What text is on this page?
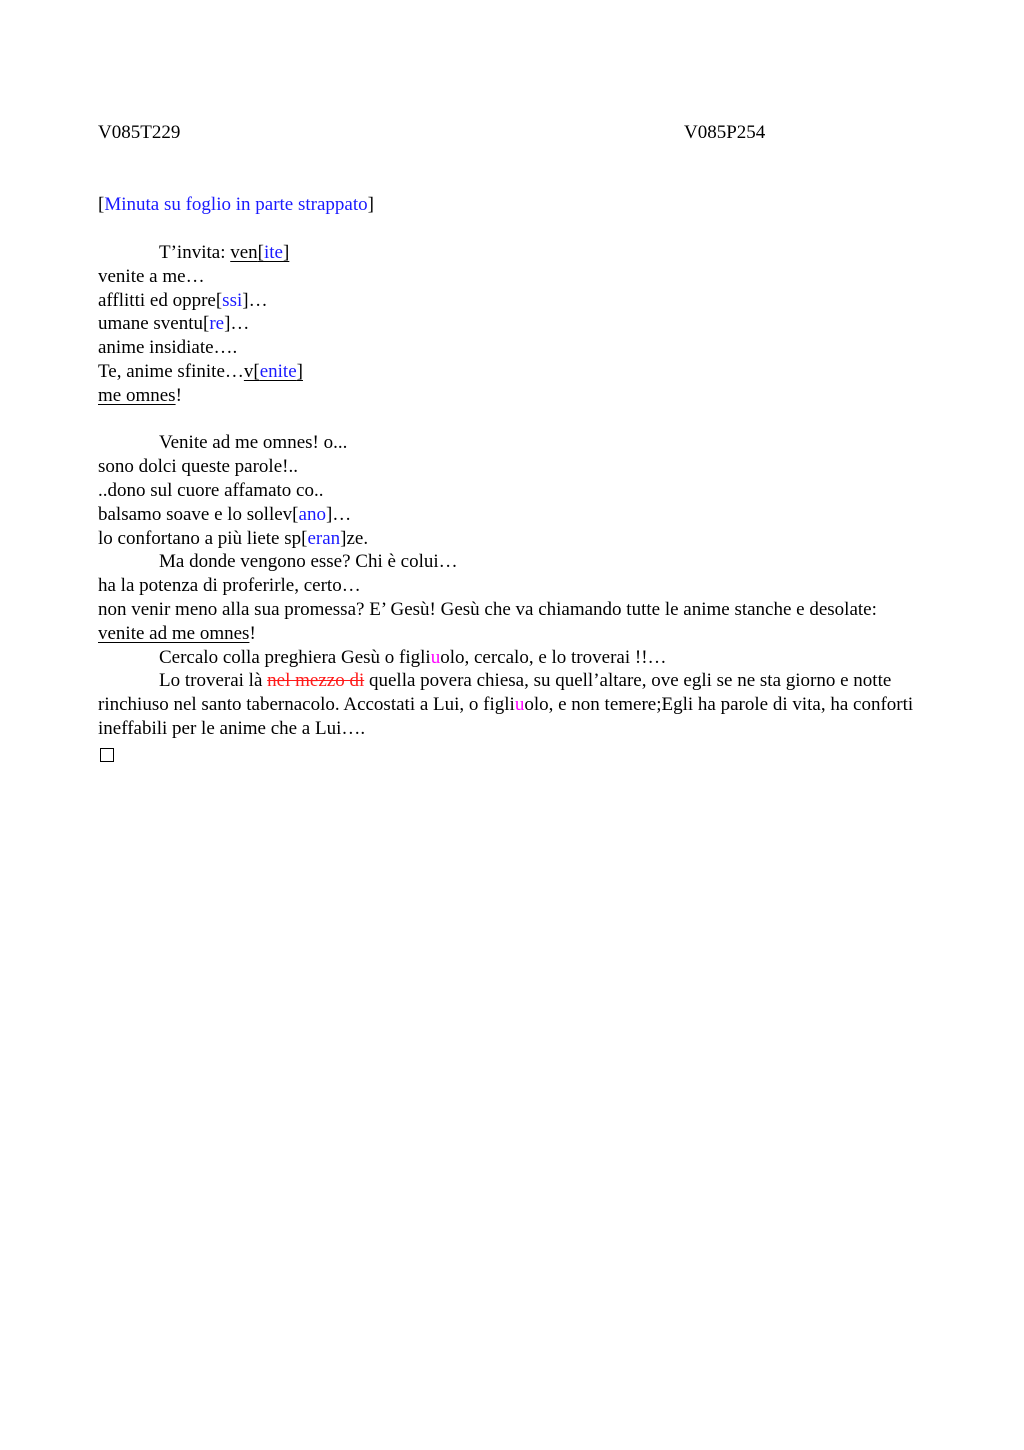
V085T229	V085P254
[Minuta su foglio in parte strappato]
T’invita: ven[ite]
venite a me…
afflitti ed oppre[ssi]…
umane sventu[re]…
anime insidiate….
Te, anime sfinite…v[enite]
me omnes!
Venite ad me omnes! o...
sono dolci queste parole!..
..dono sul cuore affamato co..
balsamo soave e lo sollev[ano]…
lo confortano a più liete sp[eran]ze.
Ma donde vengono esse? Chi è colui…
ha la potenza di proferirle, certo…
non venir meno alla sua promessa? E’ Gesù! Gesù che va chiamando tutte le anime stanche e desolate: venite ad me omnes!
Cercalo colla preghiera Gesù o figliuolo, cercalo, e lo troverai !!…
Lo troverai là nel mezzo di quella povera chiesa, su quell’altare, ove egli se ne sta giorno e notte rinchiuso nel santo tabernacolo. Accostati a Lui, o figliuolo, e non temere;Egli ha parole di vita, ha conforti ineffabili per le anime che a Lui….
